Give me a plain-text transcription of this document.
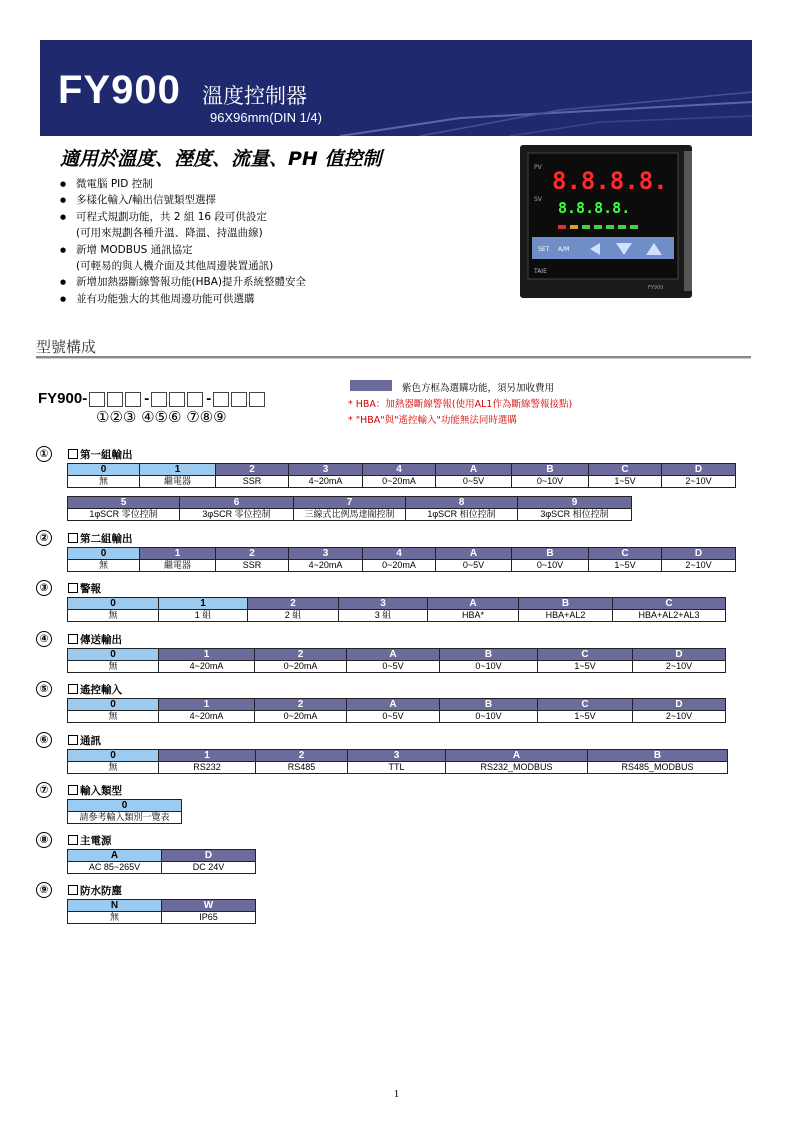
FY900 溫度控制器
96X96mm(DIN 1/4)
適用於溫度、溼度、流量、PH 值控制
● 微電腦 PID 控制
● 多樣化輸入/輸出信號類型選擇
● 可程式規劃功能，共 2 組 16 段可供設定
(可用來規劃各種升溫、降溫、持溫曲線)
● 新增 MODBUS 通訊協定
(可輕易的與人機介面及其他周邊裝置通訊)
● 新增加熱器斷線警報功能(HBA)提升系統整體安全
● 並有功能強大的其他周邊功能可供選購
PV 8.8.8.8.
SV 8.8.8.8.
SET A/M
TAIE
FY900
型號構成
FY900-	-	-
①②③ ④⑤⑥ ⑦⑧⑨
紫色方框為選購功能，須另加收費用
* HBA：加熱器斷線警報(使用AL1作為斷線警報接點)
* "HBA"與"遙控輸入"功能無法同時選購
①	第一組輸出
0	1	2	3	4	A	B	C	D
無	繼電器	SSR	4~20mA	0~20mA	0~5V	0~10V	1~5V	2~10V
5	6	7	8	9
1φSCR 零位控制	3φSCR 零位控制	三線式比例馬達閥控制	1φSCR 相位控制	3φSCR 相位控制
②	第二組輸出
0	1	2	3	4	A	B	C	D
無	繼電器	SSR	4~20mA	0~20mA	0~5V	0~10V	1~5V	2~10V
③	警報
0	1	2	3	A	B	C
無	1 組	2 組	3 組	HBA*	HBA+AL2	HBA+AL2+AL3
④	傳送輸出
0	1	2	A	B	C	D
無	4~20mA	0~20mA	0~5V	0~10V	1~5V	2~10V
⑤	遙控輸入
0	1	2	A	B	C	D
無	4~20mA	0~20mA	0~5V	0~10V	1~5V	2~10V
⑥	通訊
0	1	2	3	A	B
無	RS232	RS485	TTL	RS232_MODBUS	RS485_MODBUS
⑦	輸入類型
0
請參考輸入類別一覽表
⑧	主電源
A	D
AC 85~265V	DC 24V
⑨	防水防塵
N	W
無	IP65
1
